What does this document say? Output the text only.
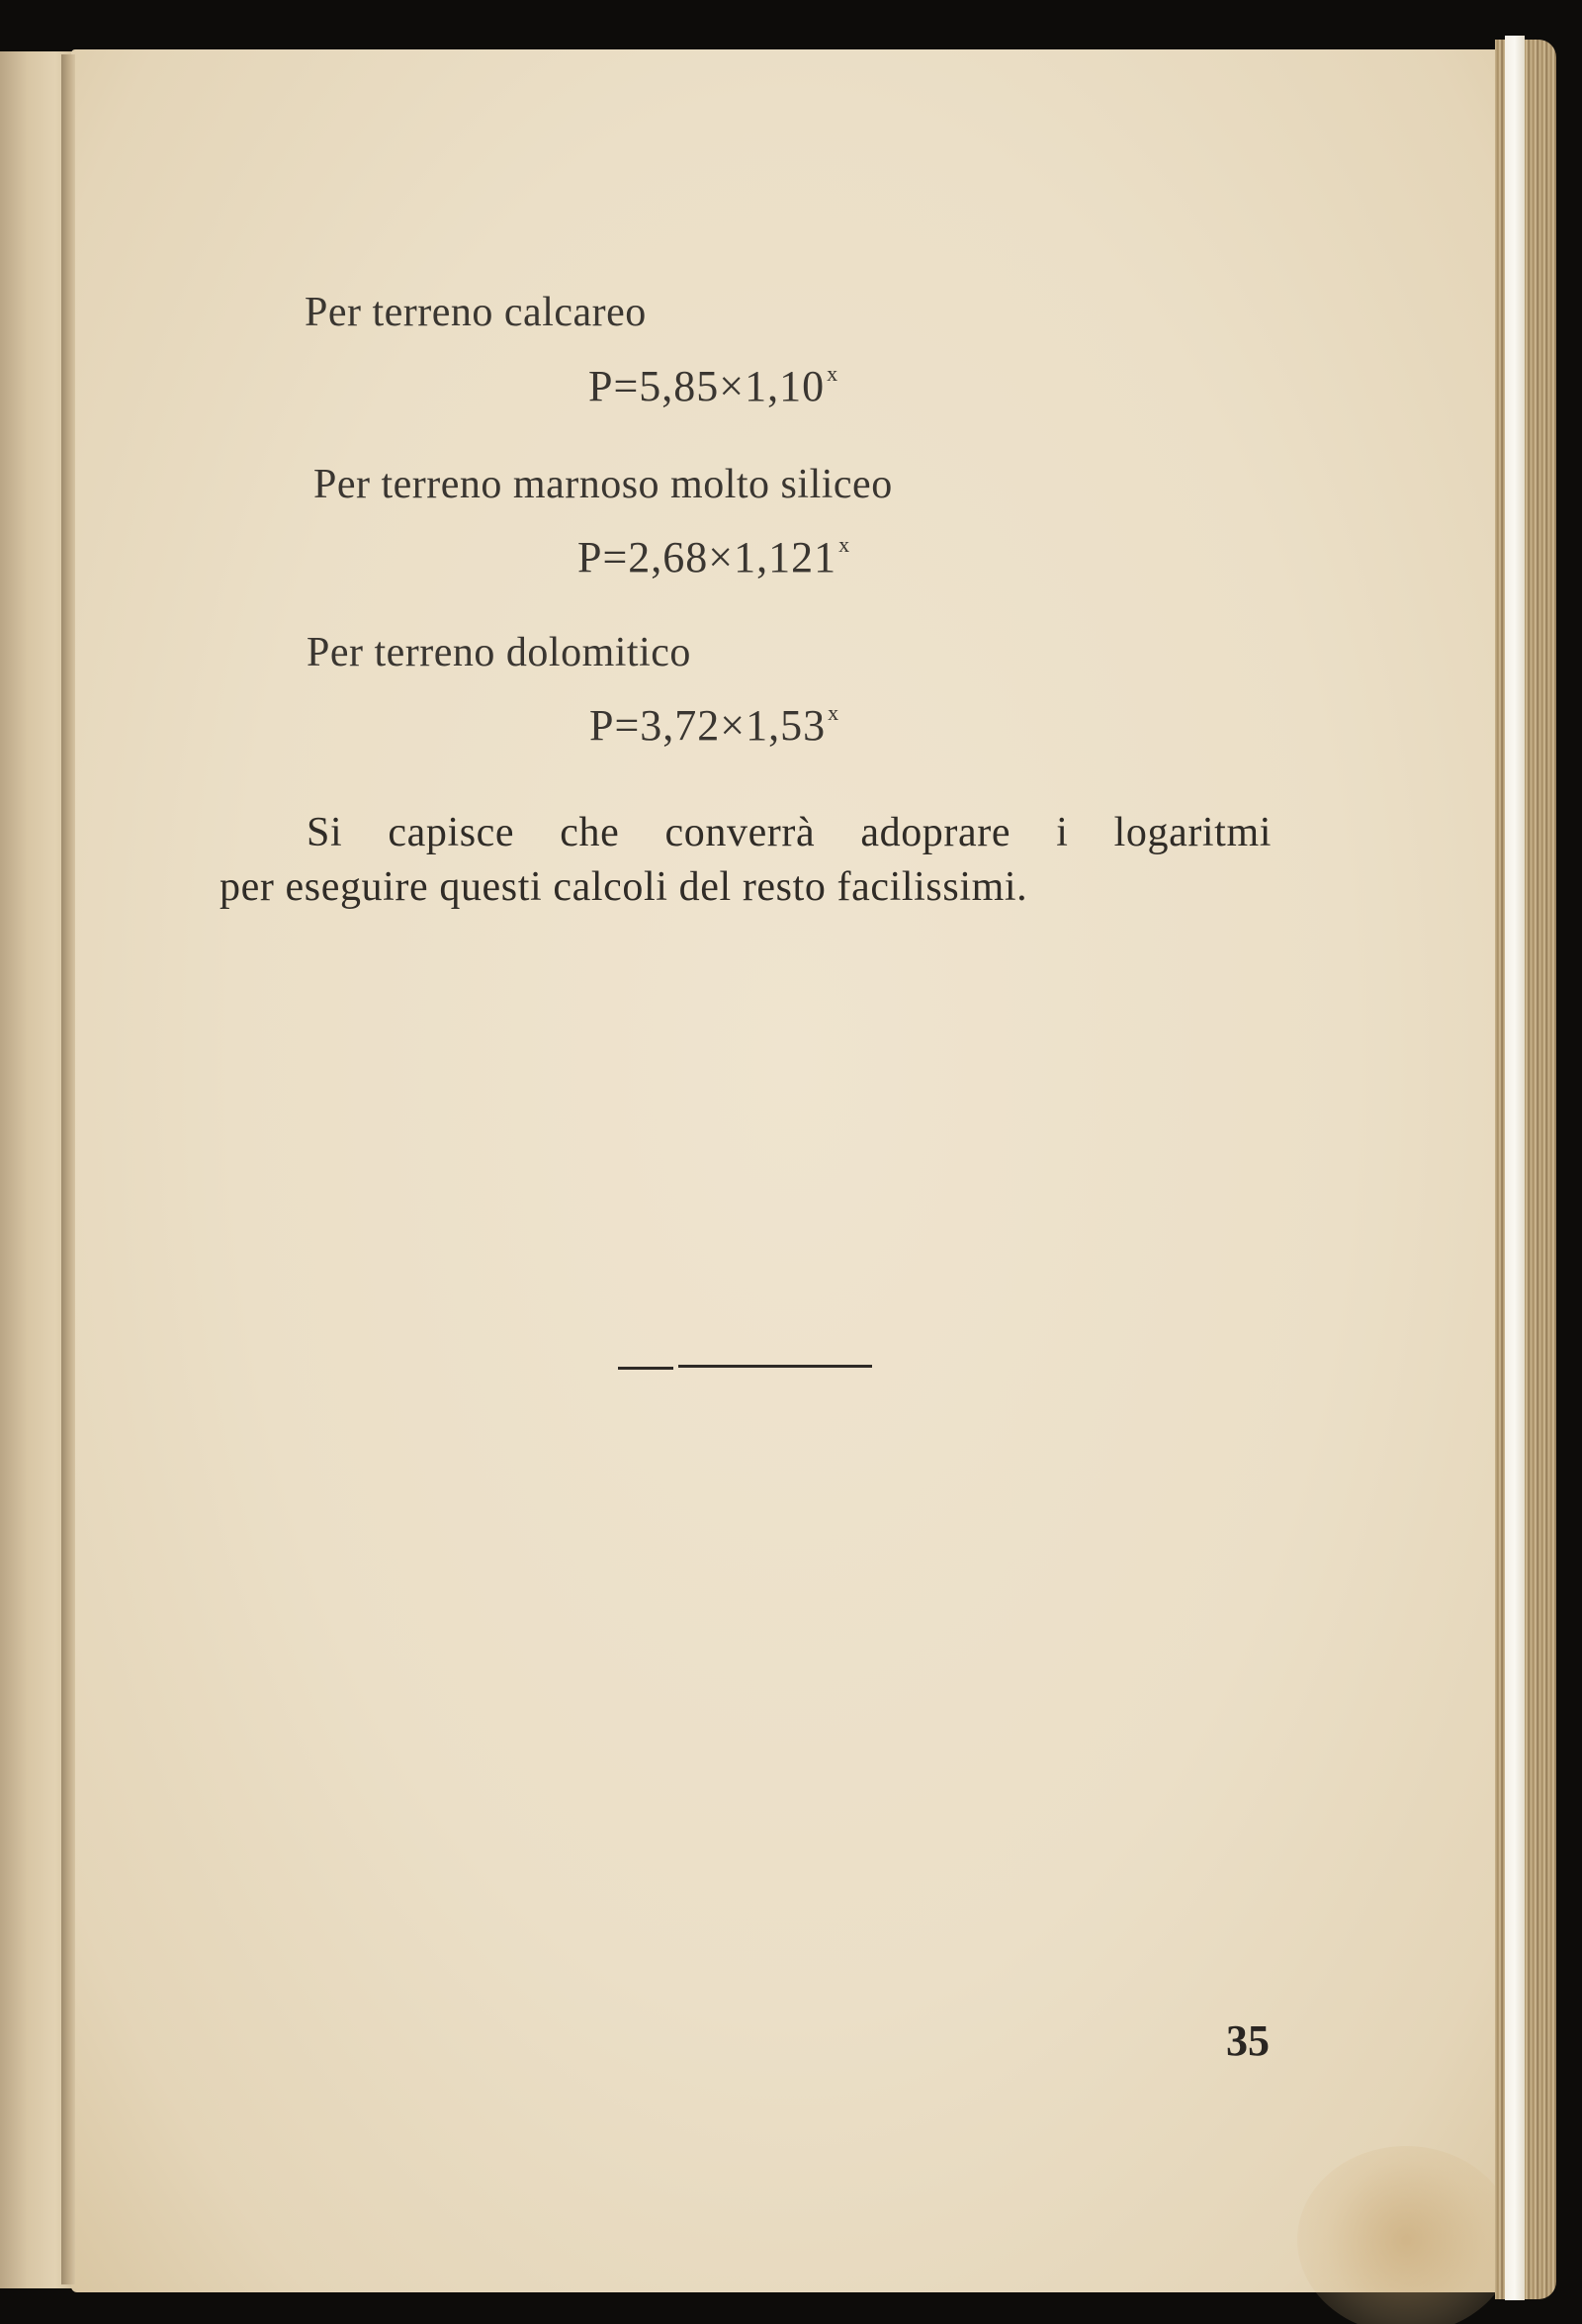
Per terreno calcareo
$P=5,85\times 1,10^x$
Per terreno marnoso molto siliceo
$P=2,68\times 1,121^x$
Per terreno dolomitico
$P=3,72\times 1,53^x$
Si capisce che converrà adoprare i logaritmi
per eseguire questi calcoli del resto facilissimi.
35
